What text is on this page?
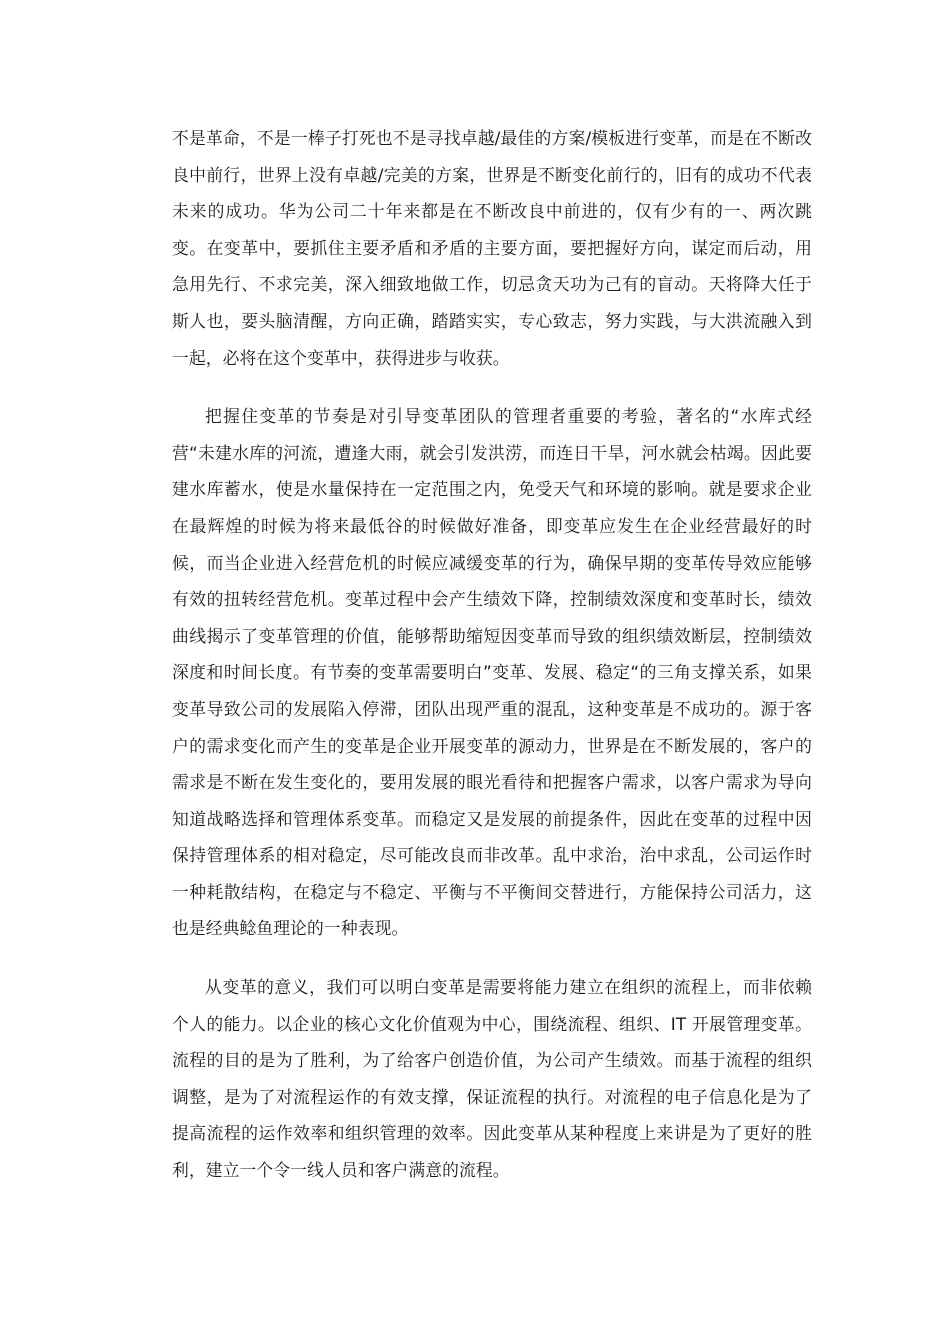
不是革命，不是一棒子打死也不是寻找卓越/最佳的方案/模板进行变革，而是在不断改良中前行，世界上没有卓越/完美的方案，世界是不断变化前行的，旧有的成功不代表未来的成功。华为公司二十年来都是在不断改良中前进的，仅有少有的一、两次跳变。在变革中，要抓住主要矛盾和矛盾的主要方面，要把握好方向，谋定而后动，用急用先行、不求完美，深入细致地做工作，切忌贪天功为己有的盲动。天将降大任于斯人也，要头脑清醒，方向正确，踏踏实实，专心致志，努力实践，与大洪流融入到一起，必将在这个变革中，获得进步与收获。

把握住变革的节奏是对引导变革团队的管理者重要的考验，著名的“水库式经营“未建水库的河流，遭逢大雨，就会引发洪涝，而连日干旱，河水就会枯竭。因此要建水库蓄水，使是水量保持在一定范围之内，免受天气和环境的影响。就是要求企业在最辉煌的时候为将来最低谷的时候做好准备，即变革应发生在企业经营最好的时候，而当企业进入经营危机的时候应减缓变革的行为，确保早期的变革传导效应能够有效的扭转经营危机。变革过程中会产生绩效下降，控制绩效深度和变革时长，绩效曲线揭示了变革管理的价值，能够帮助缩短因变革而导致的组织绩效断层，控制绩效深度和时间长度。有节奏的变革需要明白”变革、发展、稳定“的三角支撑关系，如果变革导致公司的发展陷入停滞，团队出现严重的混乱，这种变革是不成功的。源于客户的需求变化而产生的变革是企业开展变革的源动力，世界是在不断发展的，客户的需求是不断在发生变化的，要用发展的眼光看待和把握客户需求，以客户需求为导向知道战略选择和管理体系变革。而稳定又是发展的前提条件，因此在变革的过程中因保持管理体系的相对稳定，尽可能改良而非改革。乱中求治，治中求乱，公司运作时一种耗散结构，在稳定与不稳定、平衡与不平衡间交替进行，方能保持公司活力，这也是经典鲶鱼理论的一种表现。

从变革的意义，我们可以明白变革是需要将能力建立在组织的流程上，而非依赖个人的能力。以企业的核心文化价值观为中心，围绕流程、组织、IT 开展管理变革。流程的目的是为了胜利，为了给客户创造价值，为公司产生绩效。而基于流程的组织调整，是为了对流程运作的有效支撑，保证流程的执行。对流程的电子信息化是为了提高流程的运作效率和组织管理的效率。因此变革从某种程度上来讲是为了更好的胜利，建立一个令一线人员和客户满意的流程。
